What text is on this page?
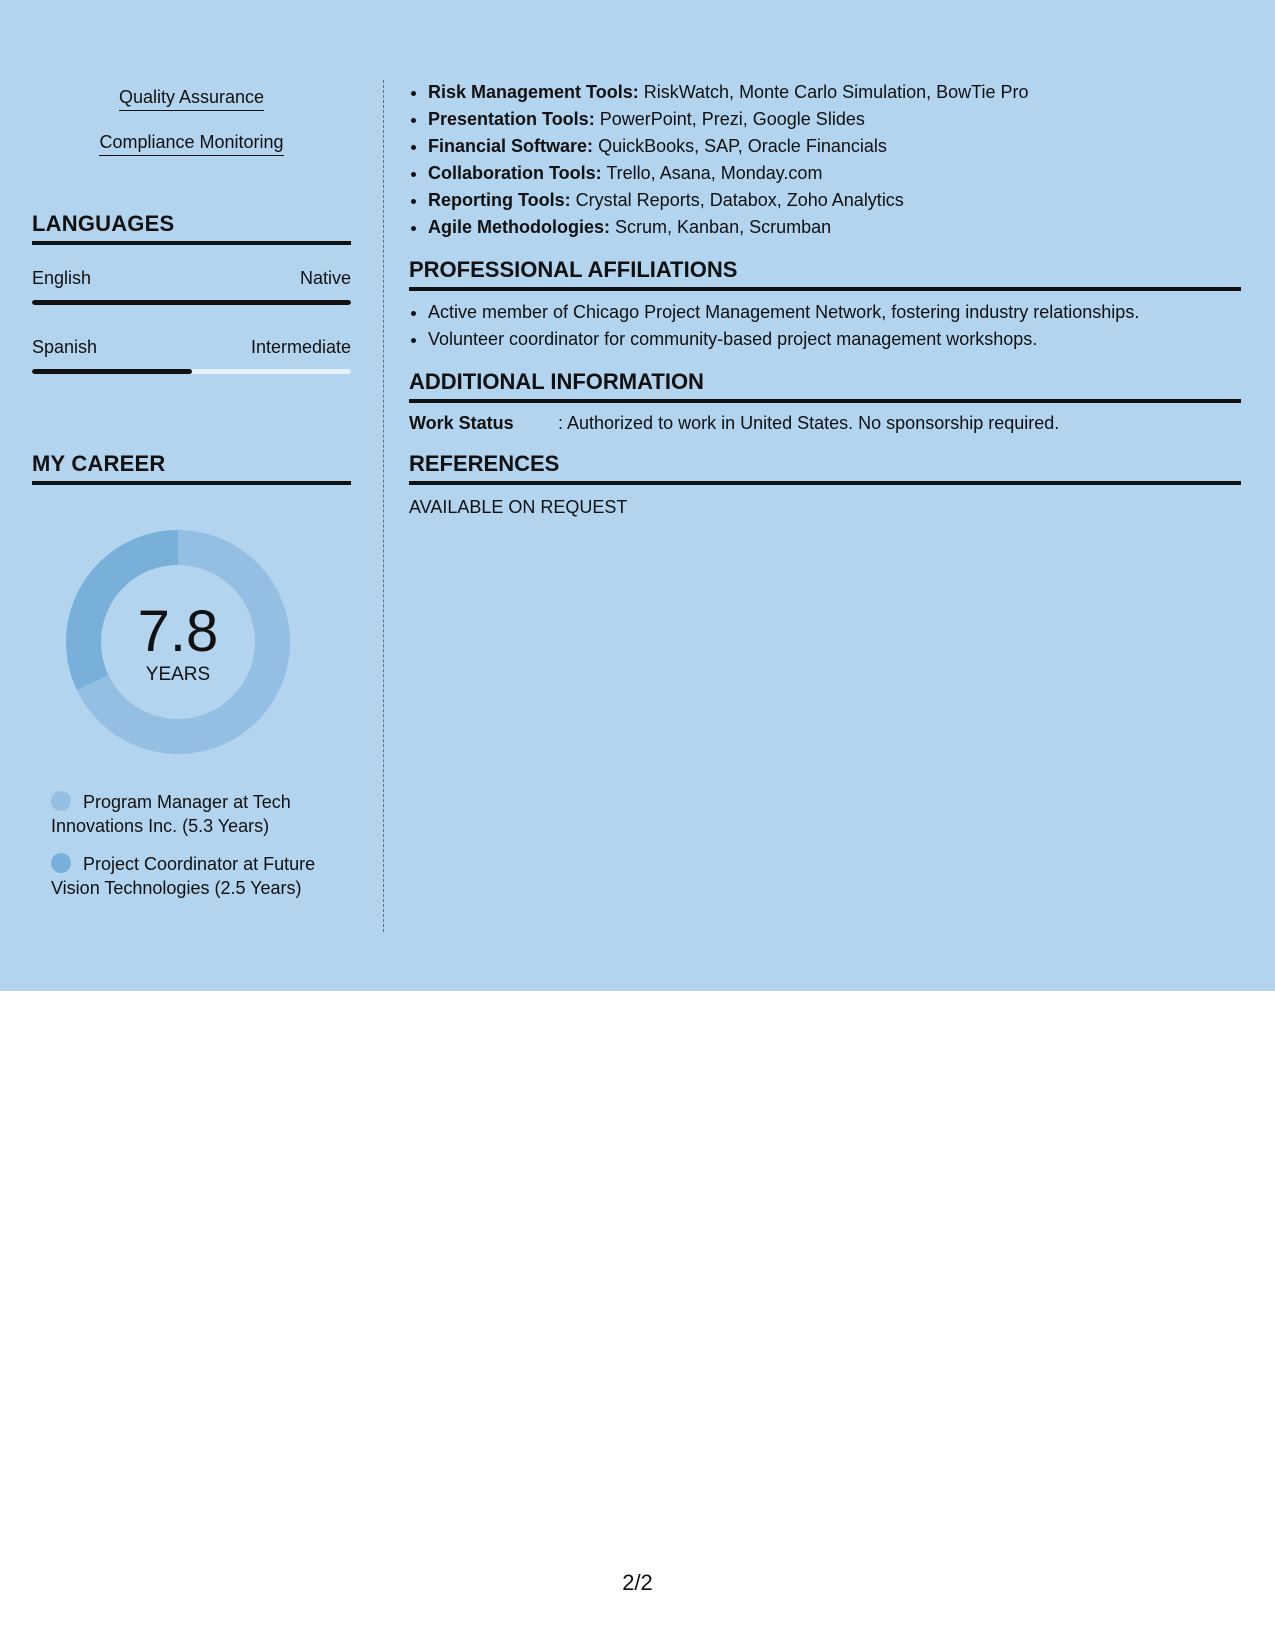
Quality Assurance
Compliance Monitoring
LANGUAGES
English	Native
Spanish	Intermediate
MY CAREER
7.8
YEARS
Program Manager at Tech Innovations Inc. (5.3 Years)
Project Coordinator at Future Vision Technologies (2.5 Years)
• Risk Management Tools: RiskWatch, Monte Carlo Simulation, BowTie Pro
• Presentation Tools: PowerPoint, Prezi, Google Slides
• Financial Software: QuickBooks, SAP, Oracle Financials
• Collaboration Tools: Trello, Asana, Monday.com
• Reporting Tools: Crystal Reports, Databox, Zoho Analytics
• Agile Methodologies: Scrum, Kanban, Scrumban
PROFESSIONAL AFFILIATIONS
• Active member of Chicago Project Management Network, fostering industry relationships.
• Volunteer coordinator for community-based project management workshops.
ADDITIONAL INFORMATION
Work Status : Authorized to work in United States. No sponsorship required.
REFERENCES
AVAILABLE ON REQUEST
2/2
